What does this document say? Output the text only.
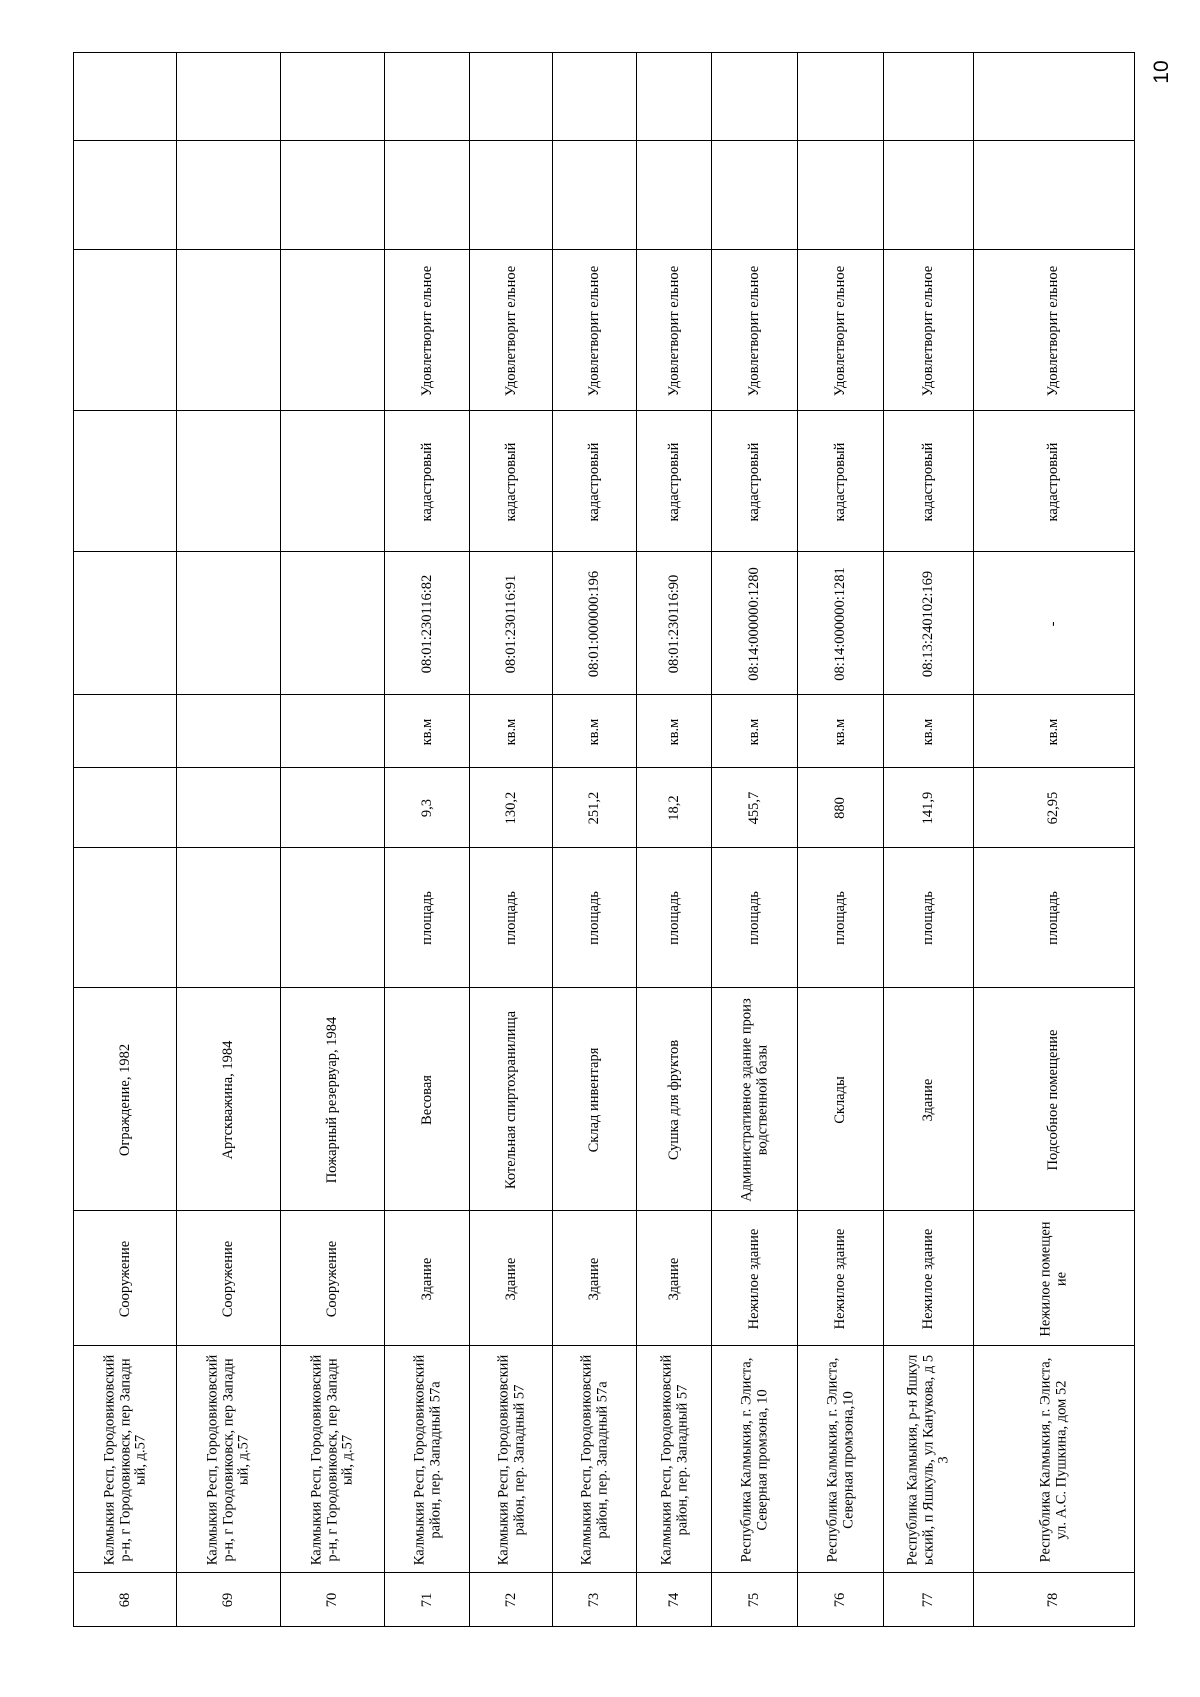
10
68
Калмыкия Респ, Городовиковский р-н, г Городовиковск, пер Западный, д.57
Сооружение
Ограждение, 1982
69
Калмыкия Респ, Городовиковский р-н, г Городовиковск, пер Западный, д.57
Сооружение
Артскважина, 1984
70
Калмыкия Респ, Городовиковский р-н, г Городовиковск, пер Западный, д.57
Сооружение
Пожарный резервуар, 1984
71
Калмыкия Респ, Городовиковский район, пер. Западный 57а
Здание
Весовая
площадь
9,3
кв.м
08:01:230116:82
кадастровый
Удовлетворит ельное
72
Калмыкия Респ, Городовиковский район, пер. Западный 57
Здание
Котельная спиртохранилища
площадь
130,2
кв.м
08:01:230116:91
кадастровый
Удовлетворит ельное
73
Калмыкия Респ, Городовиковский район, пер. Западный 57а
Здание
Склад инвентаря
площадь
251,2
кв.м
08:01:000000:196
кадастровый
Удовлетворит ельное
74
Калмыкия Респ, Городовиковский район, пер. Западный 57
Здание
Сушка для фруктов
площадь
18,2
кв.м
08:01:230116:90
кадастровый
Удовлетворит ельное
75
Республика Калмыкия, г. Элиста, Северная промзона, 10
Нежилое здание
Административное здание производственной базы
площадь
455,7
кв.м
08:14:000000:1280
кадастровый
Удовлетворит ельное
76
Республика Калмыкия, г. Элиста, Северная промзона,10
Нежилое здание
Склады
площадь
880
кв.м
08:14:000000:1281
кадастровый
Удовлетворит ельное
77
Республика Калмыкия, р-н Яшкульский, п Яшкуль, ул Канукова, д 53
Нежилое здание
Здание
площадь
141,9
кв.м
08:13:240102:169
кадастровый
Удовлетворит ельное
78
Республика Калмыкия, г. Элиста, ул. А.С. Пушкина, дом 52
Нежилое помещение
Подсобное помещение
площадь
62,95
кв.м
-
кадастровый
Удовлетворит ельное
